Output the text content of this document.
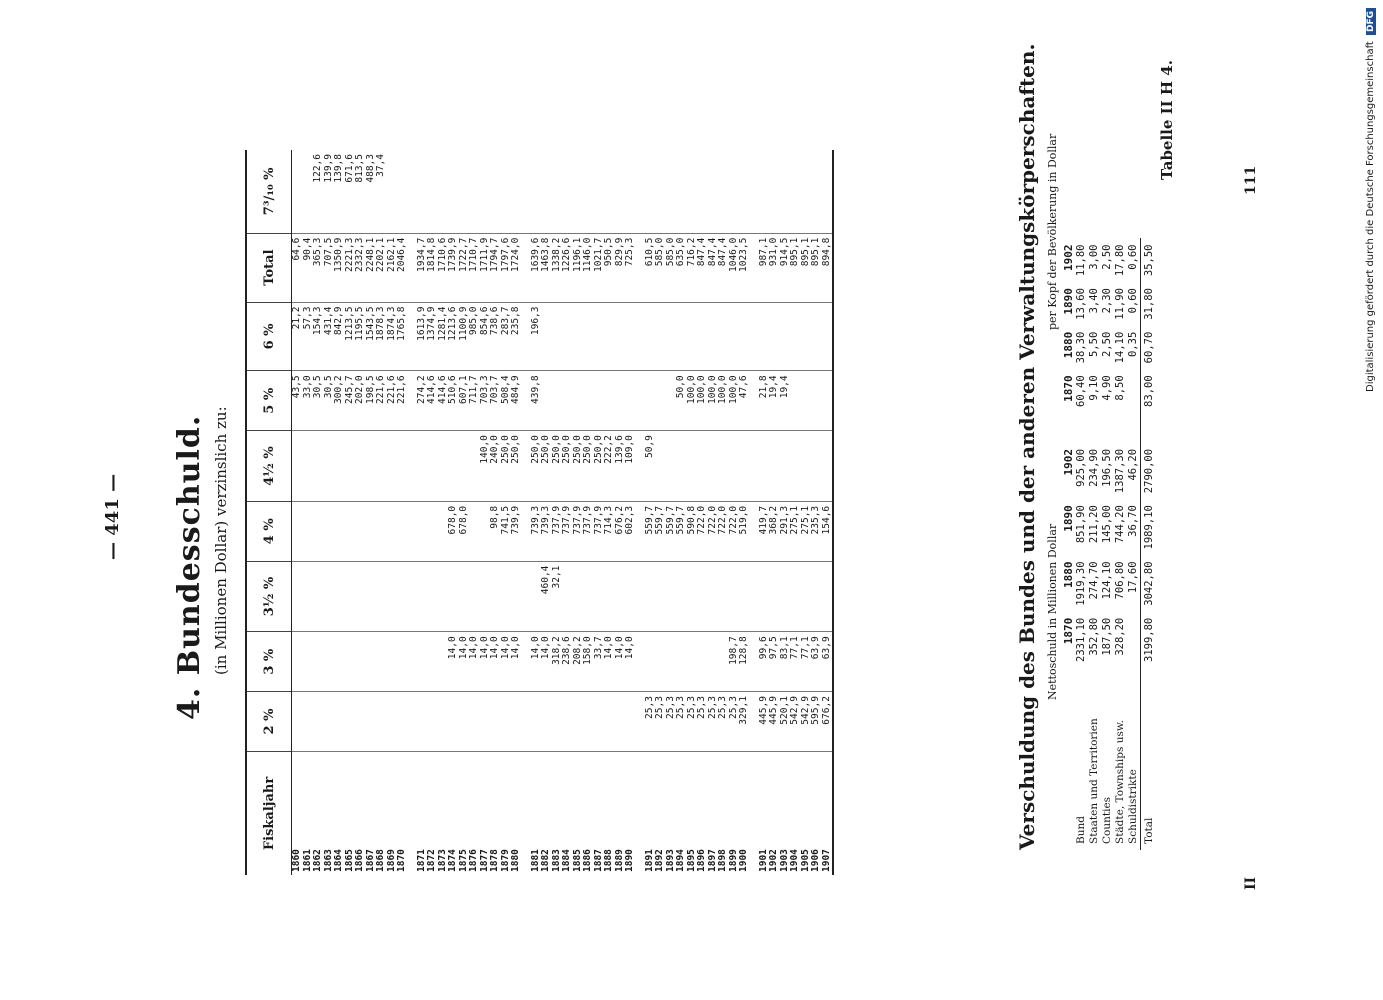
Tabelle II H 4.
— 441 — 4. Bundesschuld. (in Millionen Dollar) verzinslich zu:
II
111
Fiskaljahr	2 %	3 %	3½ %	4 %	4½ %	5 %	6 %	Total	7³/₁₀ %
1860						43,5	21,2	64,6	
1861						33,0	57,3	90,4	
1862						30,5	154,3	365,3	122,6
1863						30,5	431,4	707,5	139,9
1864						300,2	842,9	1350,9	139,8
1865						245,7	1213,5	2221,3	671,6
1866						202,0	1195,5	2332,3	813,5
1867						198,5	1543,5	2248,1	488,3
1868						221,6	1878,3	2202,1	37,4
1869						221,6	1874,3	2162,1	
1870						221,6	1765,8	2046,4	

1871						274,2	1613,9	1934,7	
1872						414,6	1374,9	1814,8	
1873						414,6	1281,4	1710,6	
1874		14,0		678,0		510,6	1213,6	1739,9	
1875		14,0		678,0		607,1	1100,9	1722,7	
1876		14,0				711,7	985,0	1710,7	
1877		14,0			140,0	703,3	854,6	1711,9	
1878		14,0		98,8	240,0	703,7	738,6	1794,7	
1879		14,0		741,5	250,0	508,4	283,7	1797,6	
1880		14,0		739,9	250,0	484,9	235,8	1724,0	

1881		14,0		739,3	250,0	439,8	196,3	1639,6	
1882		14,0	460,4	739,3	250,0			1463,8	
1883		318,2	32,1	737,9	250,0			1338,2	
1884		238,6		737,9	250,0			1226,6	
1885		208,2		737,9	250,0			1196,1	
1886		158,0		737,9	250,0			1146,0	
1887		33,7		737,9	250,0			1021,7	
1888		14,0		714,3	222,2			950,5	
1889		14,0		676,2	139,6			829,9	
1890		14,0		602,3	109,0			725,3	

1891	25,3			559,7	50,9			610,5	
1892	25,3			559,7				585,0	
1893	25,3			559,7				585,0	
1894	25,3			559,7		50,0		635,0	
1895	25,3			590,8		100,0		716,2	
1896	25,3			722,0		100,0		847,4	
1897	25,3			722,0		100,0		847,4	
1898	25,3			722,0		100,0		847,4	
1899	25,3	198,7		722,0		100,0		1046,0	
1900	329,1	128,8		519,0		47,6		1023,5	

1901	445,9	99,6		419,7		21,8		987,1	
1902	445,9	97,5		368,2		19,4		931,0	
1903	520,1	83,1		291,3		19,4		914,5	
1904	542,9	77,1		275,1				895,1	
1905	542,9	77,1		275,1				895,1	
1906	595,9	63,9		235,3				895,1	
1907	676,2	63,9		154,6				894,8		Verschuldung des Bundes und der anderen Verwaltungskörperschaften. Nettoschuld in Millionen Dollar
per Kopf der Bevölkerung in Dollar
	1870	1880	1890	1902		1870	1880	1890	1902
Bund	2331,10	1919,30	851,90	925,00		60,40	38,30	13,60	11,80
Staaten und Territorien	352,80	274,70	211,20	234,90		9,10	5,50	3,40	3,00
Counties	187,50	124,10	145,00	196,50		4,90	2,50	2,30	2,50
Städte, Townships usw.	328,20	706,80	744,20	1387,30		8,50	14,10	11,90	17,80
Schuldistrikte		17,60	36,70	46,20			0,35	0,60	0,60
Total	3199,80	3042,80	1989,10	2790,00		83,00	60,70	31,80	35,50	Digitalisierung gefördert durch die Deutsche Forschungsgemeinschaft
DFG
